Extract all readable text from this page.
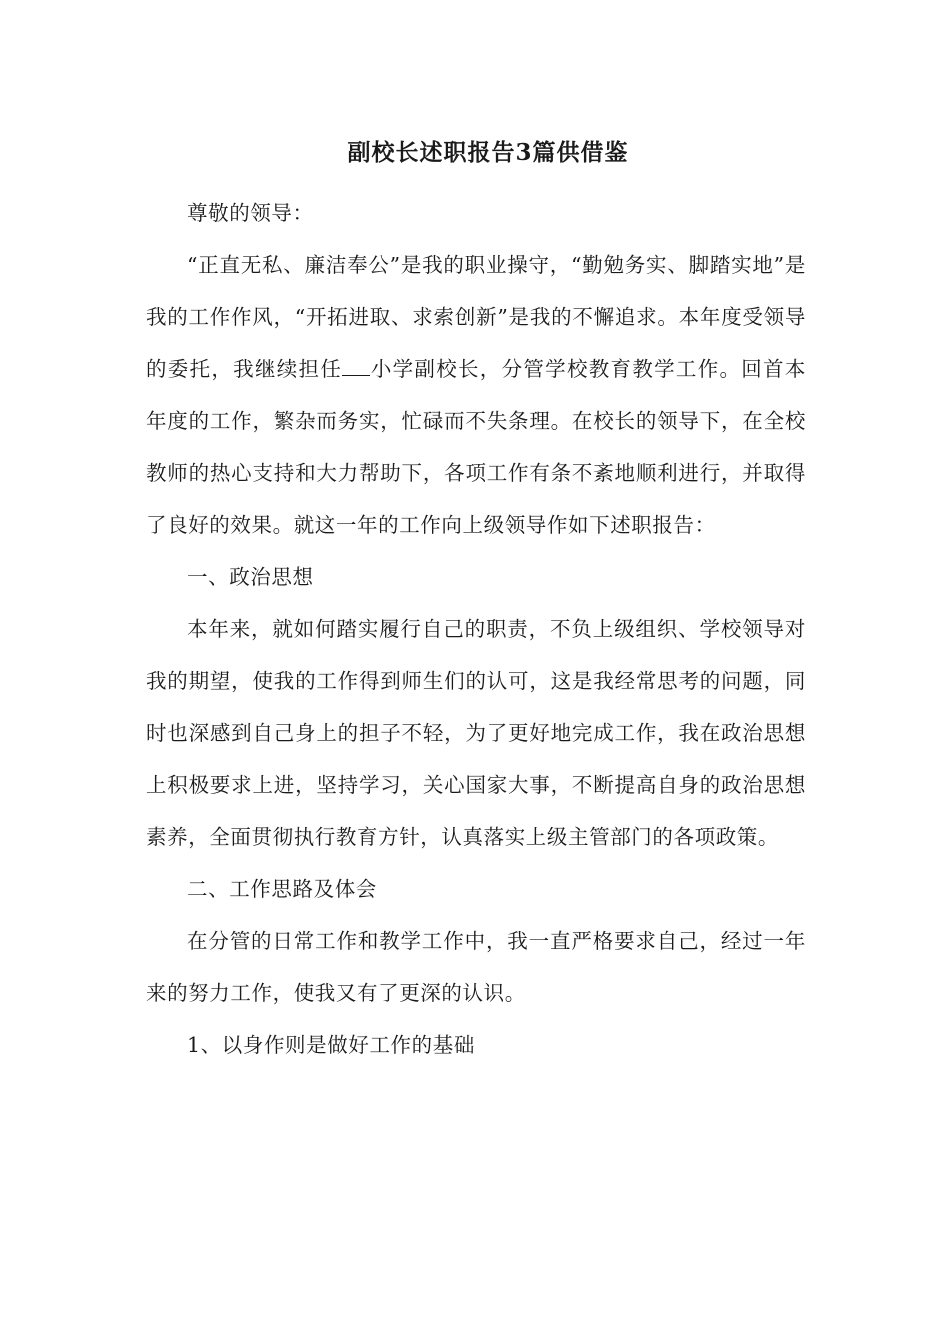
副校长述职报告3篇供借鉴

尊敬的领导：

“正直无私、廉洁奉公”是我的职业操守，“勤勉务实、脚踏实地”是我的工作作风，“开拓进取、求索创新”是我的不懈追求。本年度受领导的委托，我继续担任 小学副校长，分管学校教育教学工作。回首本年度的工作，繁杂而务实，忙碌而不失条理。在校长的领导下，在全校教师的热心支持和大力帮助下，各项工作有条不紊地顺利进行，并取得了良好的效果。就这一年的工作向上级领导作如下述职报告：

一、政治思想

本年来，就如何踏实履行自己的职责，不负上级组织、学校领导对我的期望，使我的工作得到师生们的认可，这是我经常思考的问题，同时也深感到自己身上的担子不轻，为了更好地完成工作，我在政治思想上积极要求上进，坚持学习，关心国家大事，不断提高自身的政治思想素养，全面贯彻执行教育方针，认真落实上级主管部门的各项政策。

二、工作思路及体会

在分管的日常工作和教学工作中，我一直严格要求自己，经过一年来的努力工作，使我又有了更深的认识。

1、以身作则是做好工作的基础
